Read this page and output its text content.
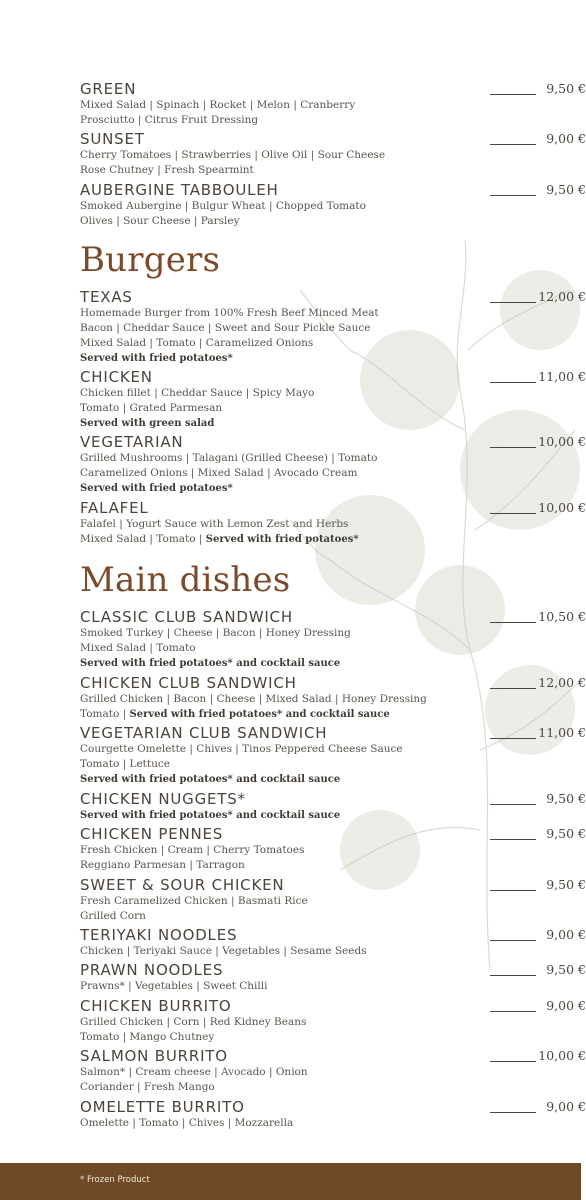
GREEN	9,50 €
Mixed Salad | Spinach | Rocket | Melon | Cranberry
Prosciutto | Citrus Fruit Dressing
SUNSET	9,00 €
Cherry Tomatoes | Strawberries | Olive Oil | Sour Cheese
Rose Chutney | Fresh Spearmint
AUBERGINE TABBOULEH	9,50 €
Smoked Aubergine | Bulgur Wheat | Chopped Tomato
Olives | Sour Cheese | Parsley
Burgers
TEXAS	12,00 €
Homemade Burger from 100% Fresh Beef Minced Meat
Bacon | Cheddar Sauce | Sweet and Sour Pickle Sauce
Mixed Salad | Tomato | Caramelized Onions
Served with fried potatoes*
CHICKEN	11,00 €
Chicken fillet | Cheddar Sauce | Spicy Mayo
Tomato | Grated Parmesan
Served with green salad
VEGETARIAN	10,00 €
Grilled Mushrooms | Talagani (Grilled Cheese) | Tomato
Caramelized Onions | Mixed Salad | Avocado Cream
Served with fried potatoes*
FALAFEL	10,00 €
Falafel | Yogurt Sauce with Lemon Zest and Herbs
Mixed Salad | Tomato | Served with fried potatoes*
Main dishes
CLASSIC CLUB SANDWICH	10,50 €
Smoked Turkey | Cheese | Bacon | Honey Dressing
Mixed Salad | Tomato
Served with fried potatoes* and cocktail sauce
CHICKEN CLUB SANDWICH	12,00 €
Grilled Chicken | Bacon | Cheese | Mixed Salad | Honey Dressing
Tomato | Served with fried potatoes* and cocktail sauce
VEGETARIAN CLUB SANDWICH	11,00 €
Courgette Omelette | Chives | Tinos Peppered Cheese Sauce
Tomato | Lettuce
Served with fried potatoes* and cocktail sauce
CHICKEN NUGGETS*	9,50 €
Served with fried potatoes* and cocktail sauce
CHICKEN PENNES	9,50 €
Fresh Chicken | Cream | Cherry Tomatoes
Reggiano Parmesan | Tarragon
SWEET & SOUR CHICKEN	9,50 €
Fresh Caramelized Chicken | Basmati Rice
Grilled Corn
TERIYAKI NOODLES	9,00 €
Chicken | Teriyaki Sauce | Vegetables | Sesame Seeds
PRAWN NOODLES	9,50 €
Prawns* | Vegetables | Sweet Chilli
CHICKEN BURRITO	9,00 €
Grilled Chicken | Corn | Red Kidney Beans
Tomato | Mango Chutney
SALMON BURRITO	10,00 €
Salmon* | Cream cheese | Avocado | Onion
Coriander | Fresh Mango
OMELETTE BURRITO	9,00 €
Omelette | Tomato | Chives | Mozzarella
* Frozen Product
